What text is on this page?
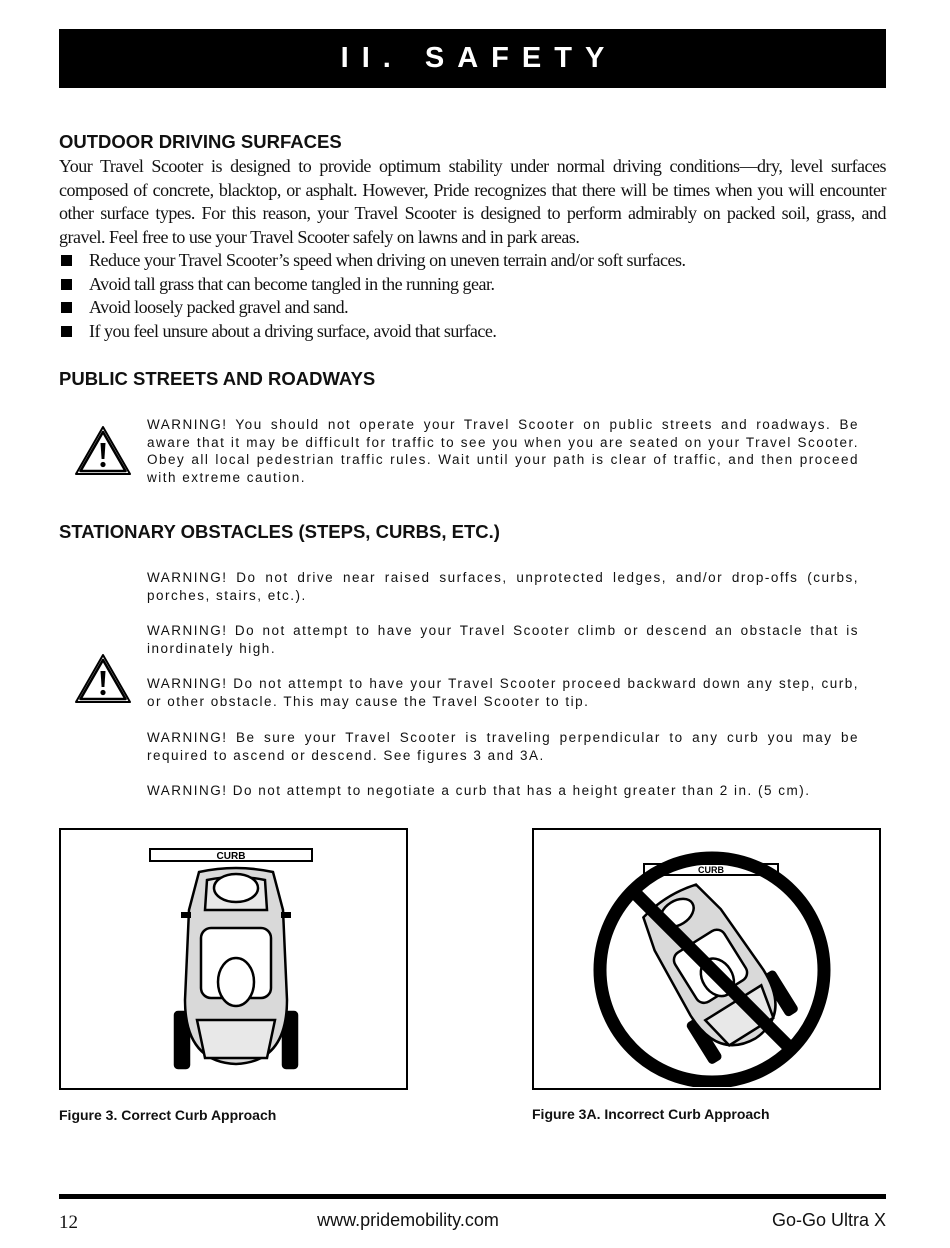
II. SAFETY
OUTDOOR DRIVING SURFACES
Your Travel Scooter is designed to provide optimum stability under normal driving conditions—dry, level surfaces composed of concrete, blacktop, or asphalt. However, Pride recognizes that there will be times when you will encounter other surface types. For this reason, your Travel Scooter is designed to perform admirably on packed soil, grass, and gravel. Feel free to use your Travel Scooter safely on lawns and in park areas.
Reduce your Travel Scooter’s speed when driving on uneven terrain and/or soft surfaces.
Avoid tall grass that can become tangled in the running gear.
Avoid loosely packed gravel and sand.
If you feel unsure about a driving surface, avoid that surface.
PUBLIC STREETS AND ROADWAYS

WARNING! You should not operate your Travel Scooter on public streets and roadways. Be aware that it may be difficult for traffic to see you when you are seated on your Travel Scooter. Obey all local pedestrian traffic rules. Wait until your path is clear of traffic, and then proceed with extreme caution.

STATIONARY OBSTACLES (STEPS, CURBS, ETC.)

WARNING! Do not drive near raised surfaces, unprotected ledges, and/or drop-offs (curbs, porches, stairs, etc.).

WARNING! Do not attempt to have your Travel Scooter climb or descend an obstacle that is inordinately high.

WARNING! Do not attempt to have your Travel Scooter proceed backward down any step, curb, or other obstacle. This may cause the Travel Scooter to tip.

WARNING! Be sure your Travel Scooter is traveling perpendicular to any curb you may be required to ascend or descend. See figures 3 and 3A.

WARNING! Do not attempt to negotiate a curb that has a height greater than 2 in. (5 cm).

CURB
Figure 3. Correct Curb Approach
CURB
Figure 3A. Incorrect Curb Approach
12	www.pridemobility.com	Go-Go Ultra X
